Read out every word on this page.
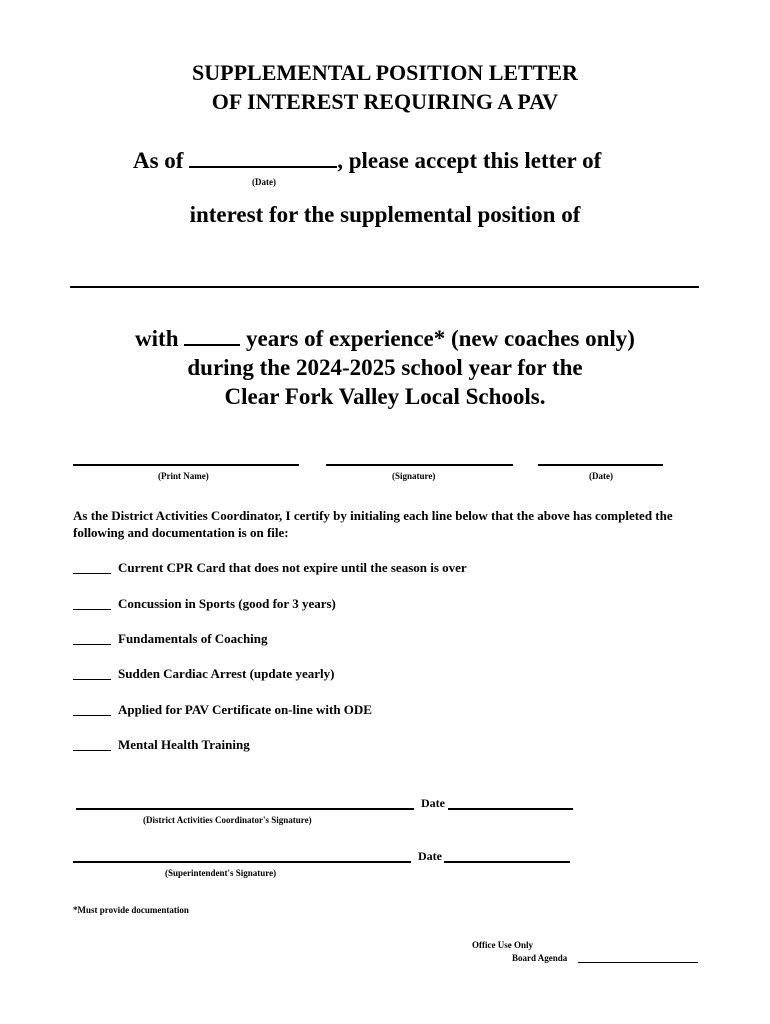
SUPPLEMENTAL POSITION LETTER
OF INTEREST REQUIRING A PAV
As of	, please accept this letter of
(Date)
interest for the supplemental position of
with	years of experience* (new coaches only)
during the 2024-2025 school year for the
Clear Fork Valley Local Schools.
(Print Name)	(Signature)	(Date)
As the District Activities Coordinator, I certify by initialing each line below that the above has completed the following and documentation is on file:
Current CPR Card that does not expire until the season is over
Concussion in Sports (good for 3 years)
Fundamentals of Coaching
Sudden Cardiac Arrest (update yearly)
Applied for PAV Certificate on-line with ODE
Mental Health Training
Date
(District Activities Coordinator's Signature)
Date
(Superintendent's Signature)
*Must provide documentation
Office Use Only
Board Agenda
